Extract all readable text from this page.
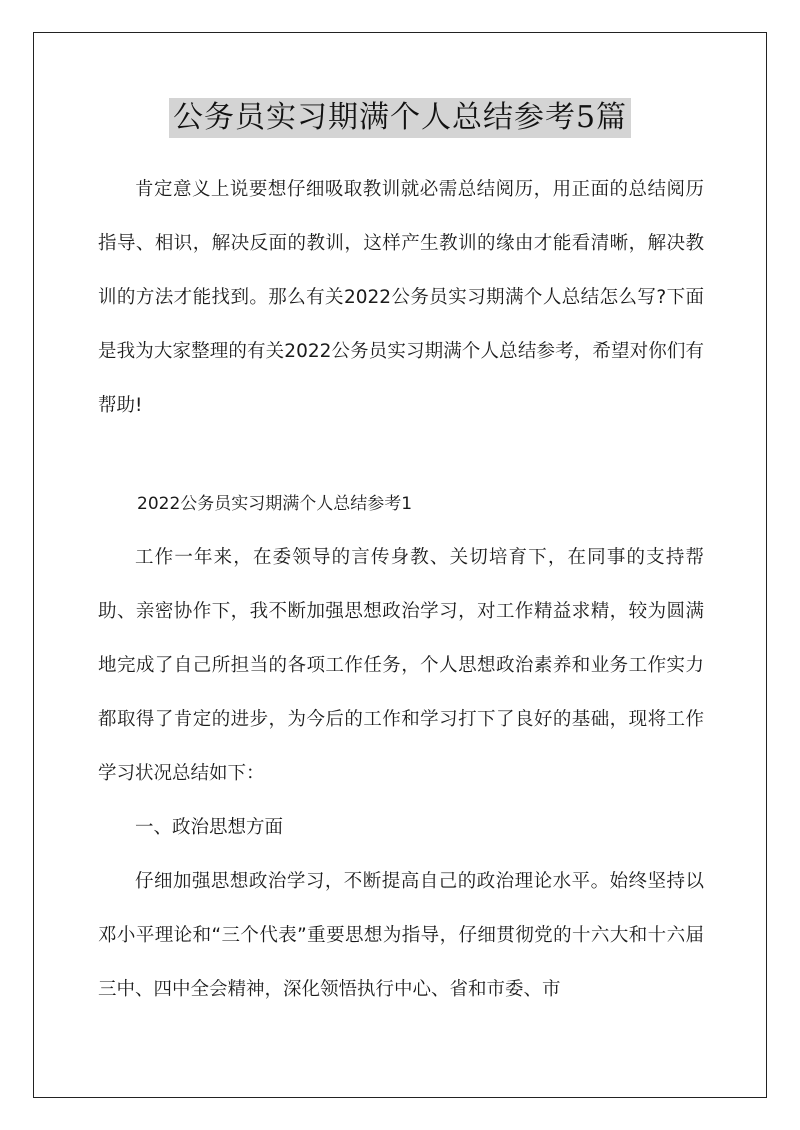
公务员实习期满个人总结参考5篇

肯定意义上说要想仔细吸取教训就必需总结阅历，用正面的总结阅历指导、相识，解决反面的教训，这样产生教训的缘由才能看清晰，解决教训的方法才能找到。那么有关2022公务员实习期满个人总结怎么写?下面是我为大家整理的有关2022公务员实习期满个人总结参考，希望对你们有帮助!

2022公务员实习期满个人总结参考1

工作一年来，在委领导的言传身教、关切培育下，在同事的支持帮助、亲密协作下，我不断加强思想政治学习，对工作精益求精，较为圆满地完成了自己所担当的各项工作任务，个人思想政治素养和业务工作实力都取得了肯定的进步，为今后的工作和学习打下了良好的基础，现将工作学习状况总结如下：

一、政治思想方面

仔细加强思想政治学习，不断提高自己的政治理论水平。始终坚持以邓小平理论和“三个代表”重要思想为指导，仔细贯彻党的十六大和十六届三中、四中全会精神，深化领悟执行中心、省和市委、市
